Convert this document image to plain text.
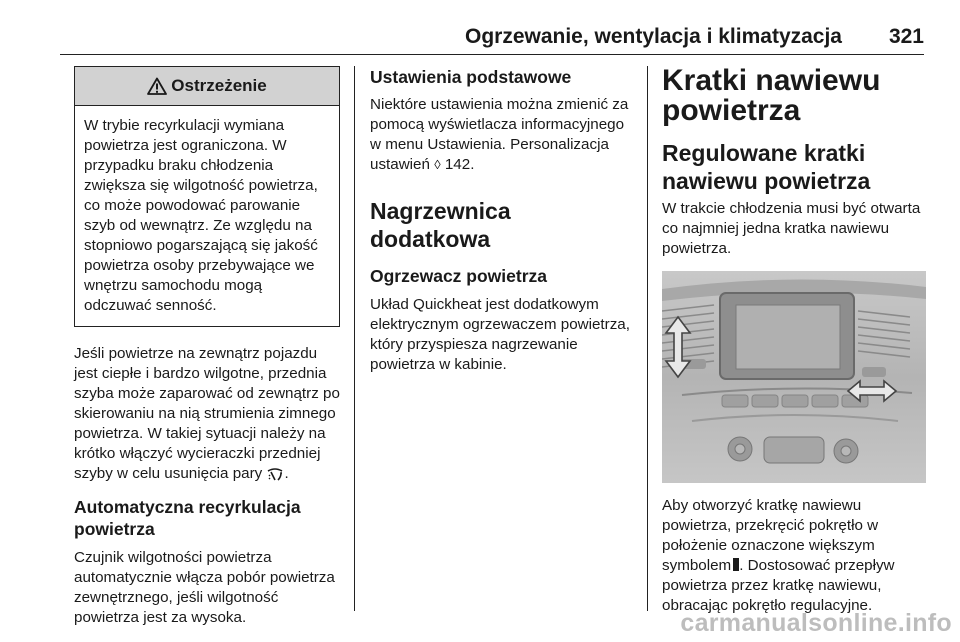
Ogrzewanie, wentylacja i klimatyzacja 321
Ostrzeżenie
W trybie recyrkulacji wymiana powietrza jest ograniczona. W przypadku braku chłodzenia zwiększa się wilgotność powietrza, co może powodować parowanie szyb od wewnątrz. Ze względu na stopniowo pogarszającą się jakość powietrza osoby przebywające we wnętrzu samochodu mogą odczuwać senność.

Jeśli powietrze na zewnątrz pojazdu jest ciepłe i bardzo wilgotne, przednia szyba może zaparować od zewnątrz po skierowaniu na nią strumienia zimnego powietrza. W takiej sytuacji należy na krótko włączyć wycieraczki przedniej szyby w celu usunięcia pary .

Automatyczna recyrkulacja powietrza

Czujnik wilgotności powietrza automatycznie włącza pobór powietrza zewnętrznego, jeśli wilgotność powietrza jest za wysoka.

Ustawienia podstawowe

Niektóre ustawienia można zmienić za pomocą wyświetlacza informacyjnego w menu Ustawienia. Personalizacja ustawień ◊ 142.

Nagrzewnica dodatkowa

Ogrzewacz powietrza

Układ Quickheat jest dodatkowym elektrycznym ogrzewaczem powietrza, który przyspiesza nagrzewanie powietrza w kabinie.

Kratki nawiewu powietrza

Regulowane kratki nawiewu powietrza

W trakcie chłodzenia musi być otwarta co najmniej jedna kratka nawiewu powietrza.

Aby otworzyć kratkę nawiewu powietrza, przekręcić pokrętło w położenie oznaczone większym symbolem . Dostosować przepływ powietrza przez kratkę nawiewu, obracając pokrętło regulacyjne.

carmanualsonline.info
